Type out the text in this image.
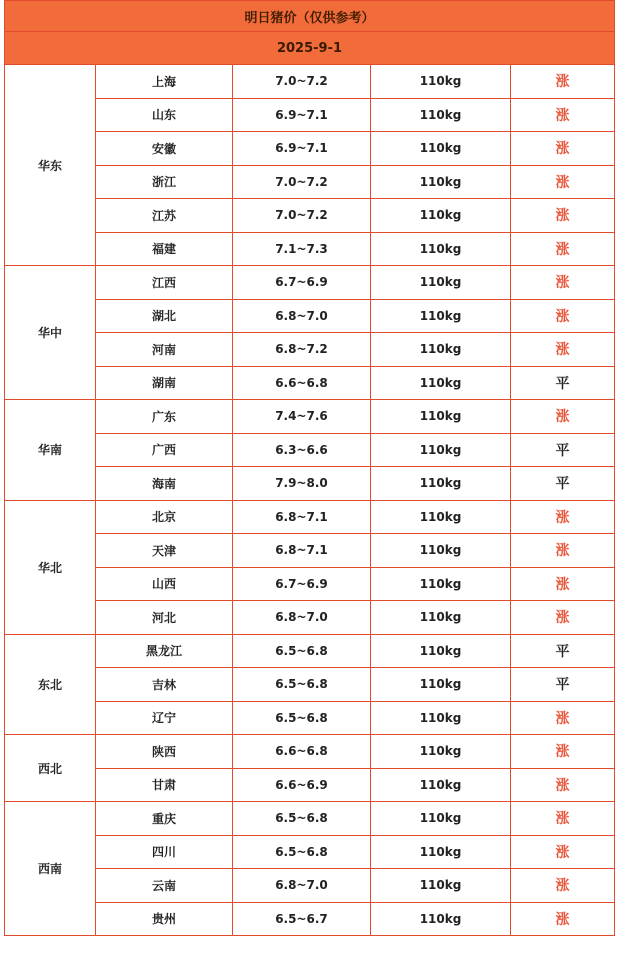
明日猪价（仅供参考）				
2025-9-1				
华东	上海	7.0~7.2	110kg	涨
	山东	6.9~7.1	110kg	涨
	安徽	6.9~7.1	110kg	涨
	浙江	7.0~7.2	110kg	涨
	江苏	7.0~7.2	110kg	涨
	福建	7.1~7.3	110kg	涨
华中	江西	6.7~6.9	110kg	涨
	湖北	6.8~7.0	110kg	涨
	河南	6.8~7.2	110kg	涨
	湖南	6.6~6.8	110kg	平
华南	广东	7.4~7.6	110kg	涨
	广西	6.3~6.6	110kg	平
	海南	7.9~8.0	110kg	平
华北	北京	6.8~7.1	110kg	涨
	天津	6.8~7.1	110kg	涨
	山西	6.7~6.9	110kg	涨
	河北	6.8~7.0	110kg	涨
东北	黑龙江	6.5~6.8	110kg	平
	吉林	6.5~6.8	110kg	平
	辽宁	6.5~6.8	110kg	涨
西北	陕西	6.6~6.8	110kg	涨
	甘肃	6.6~6.9	110kg	涨
西南	重庆	6.5~6.8	110kg	涨
	四川	6.5~6.8	110kg	涨
	云南	6.8~7.0	110kg	涨
	贵州	6.5~6.7	110kg	涨
